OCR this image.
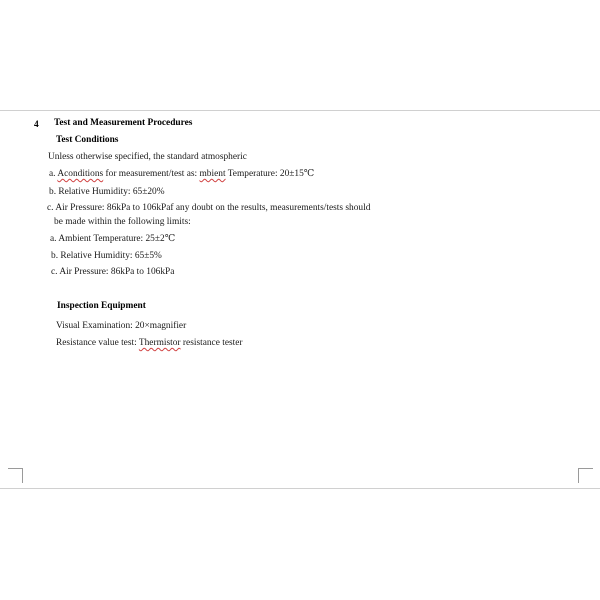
4 Test and Measurement Procedures
Test Conditions
Unless otherwise specified, the standard atmospheric
a. Aconditions for measurement/test as: mbient Temperature: 20±15℃
b. Relative Humidity: 65±20%
c. Air Pressure: 86kPa to 106kPaf any doubt on the results, measurements/tests should
be made within the following limits:
a. Ambient Temperature: 25±2℃
b. Relative Humidity: 65±5%
c. Air Pressure: 86kPa to 106kPa
Inspection Equipment
Visual Examination: 20×magnifier
Resistance value test: Thermistor resistance tester
